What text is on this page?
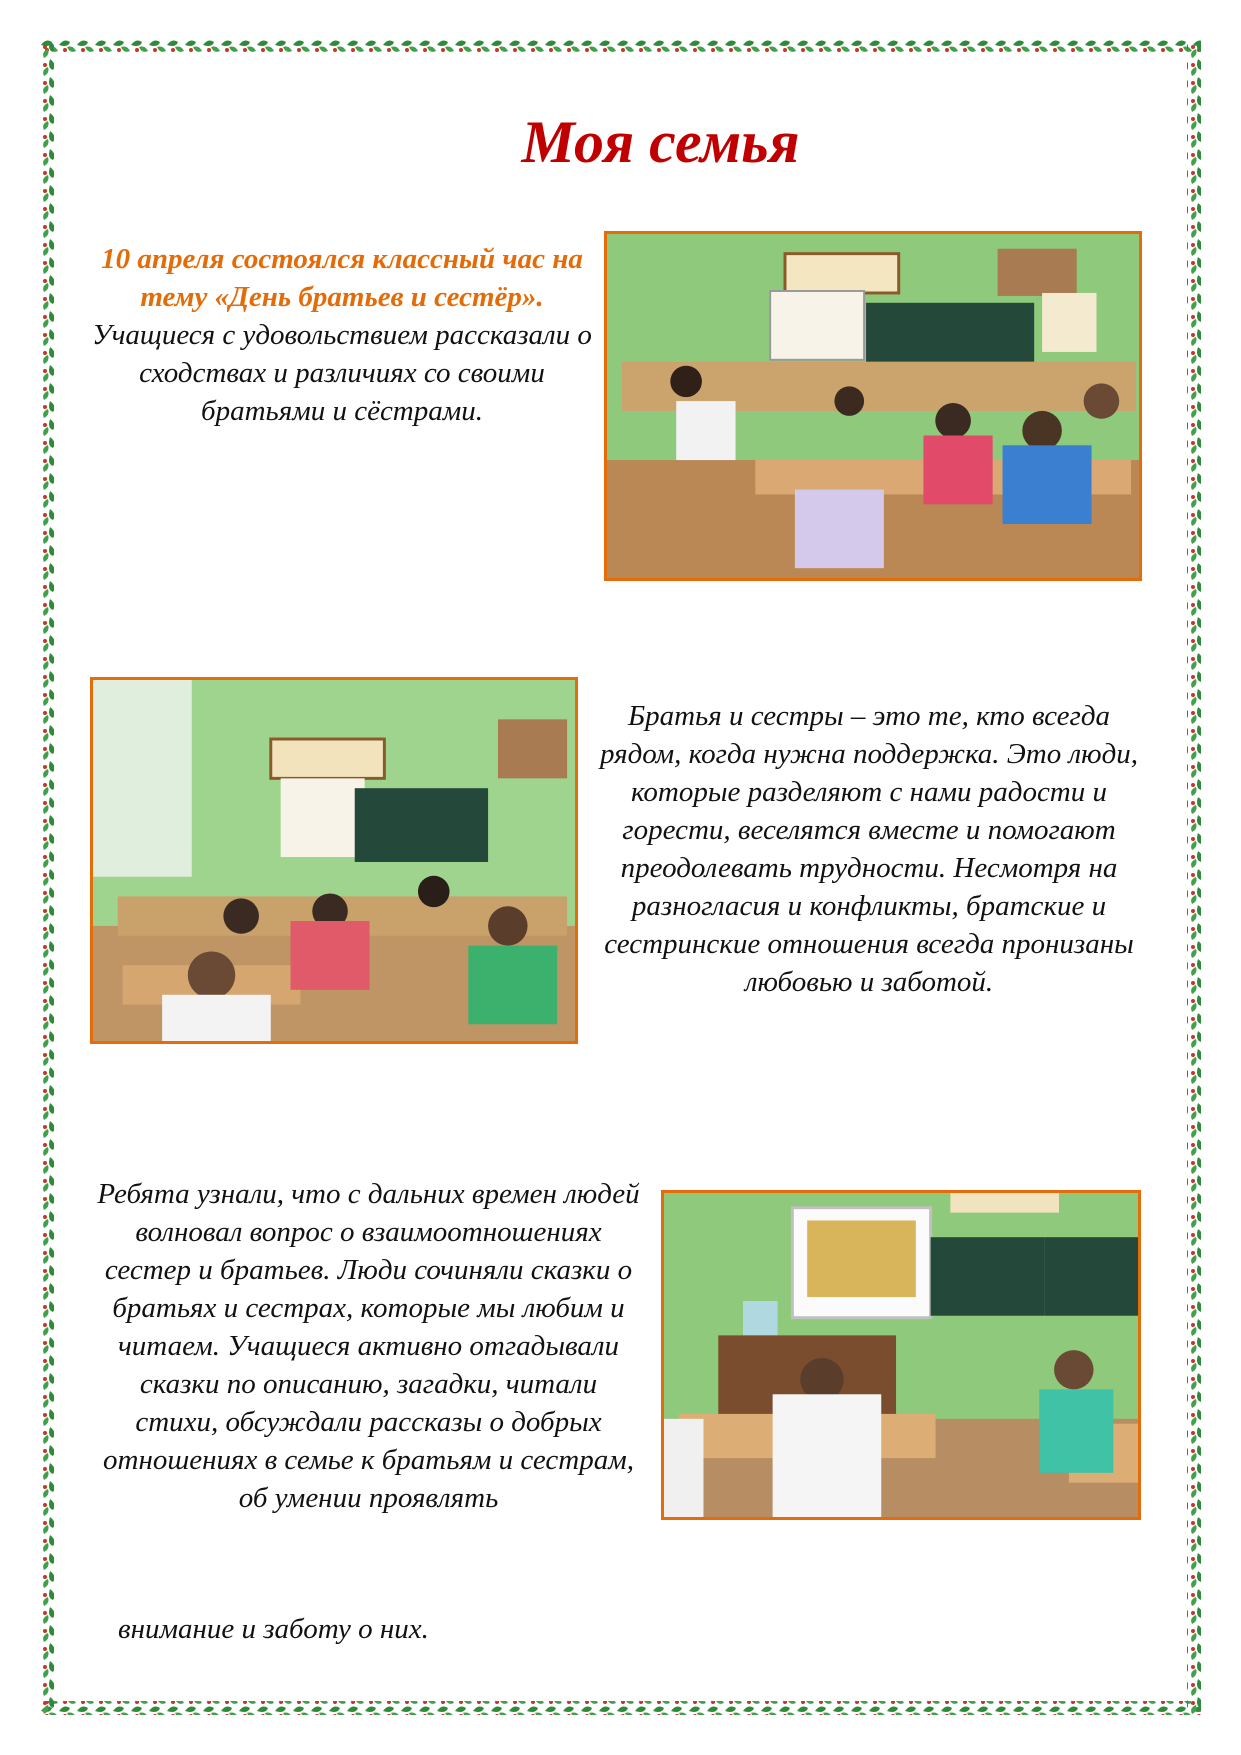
Моя семья

10 апреля состоялся классный час на тему «День братьев и сестёр». Учащиеся с удовольствием рассказали о сходствах и различиях со своими братьями и сёстрами.

Братья и сестры – это те, кто всегда рядом, когда нужна поддержка. Это люди, которые разделяют с нами радости и горести, веселятся вместе и помогают преодолевать трудности. Несмотря на разногласия и конфликты, братские и сестринские отношения всегда пронизаны любовью и заботой.

Ребята узнали, что с дальних времен людей волновал вопрос о взаимоотношениях сестер и братьев. Люди сочиняли сказки о братьях и сестрах, которые мы любим и читаем. Учащиеся активно отгадывали сказки по описанию, загадки, читали стихи, обсуждали рассказы о добрых отношениях в семье к братьям и сестрам, об умении проявлять

внимание и заботу о них.
